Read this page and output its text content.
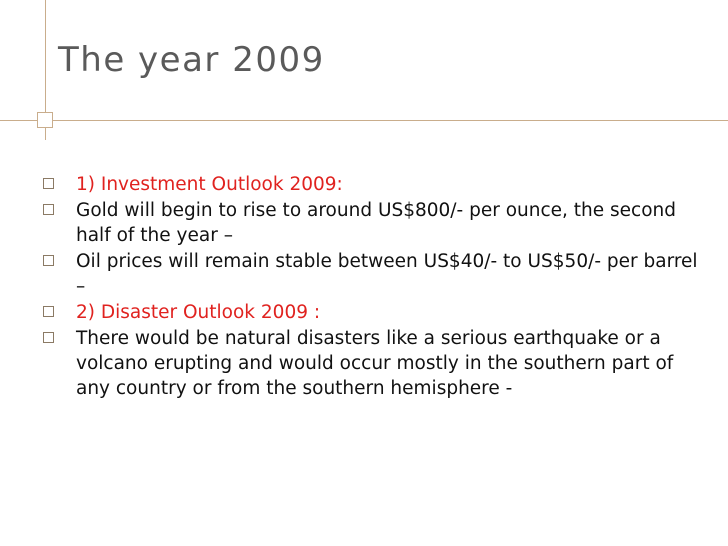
The year 2009
1) Investment Outlook 2009:
Gold will begin to rise to around US$800/- per ounce, the second half of the year –
Oil prices will remain stable between US$40/- to US$50/- per barrel –
2) Disaster Outlook 2009 :
There would be natural disasters like a serious earthquake or a volcano erupting and would occur mostly in the southern part of any country or from the southern hemisphere -
